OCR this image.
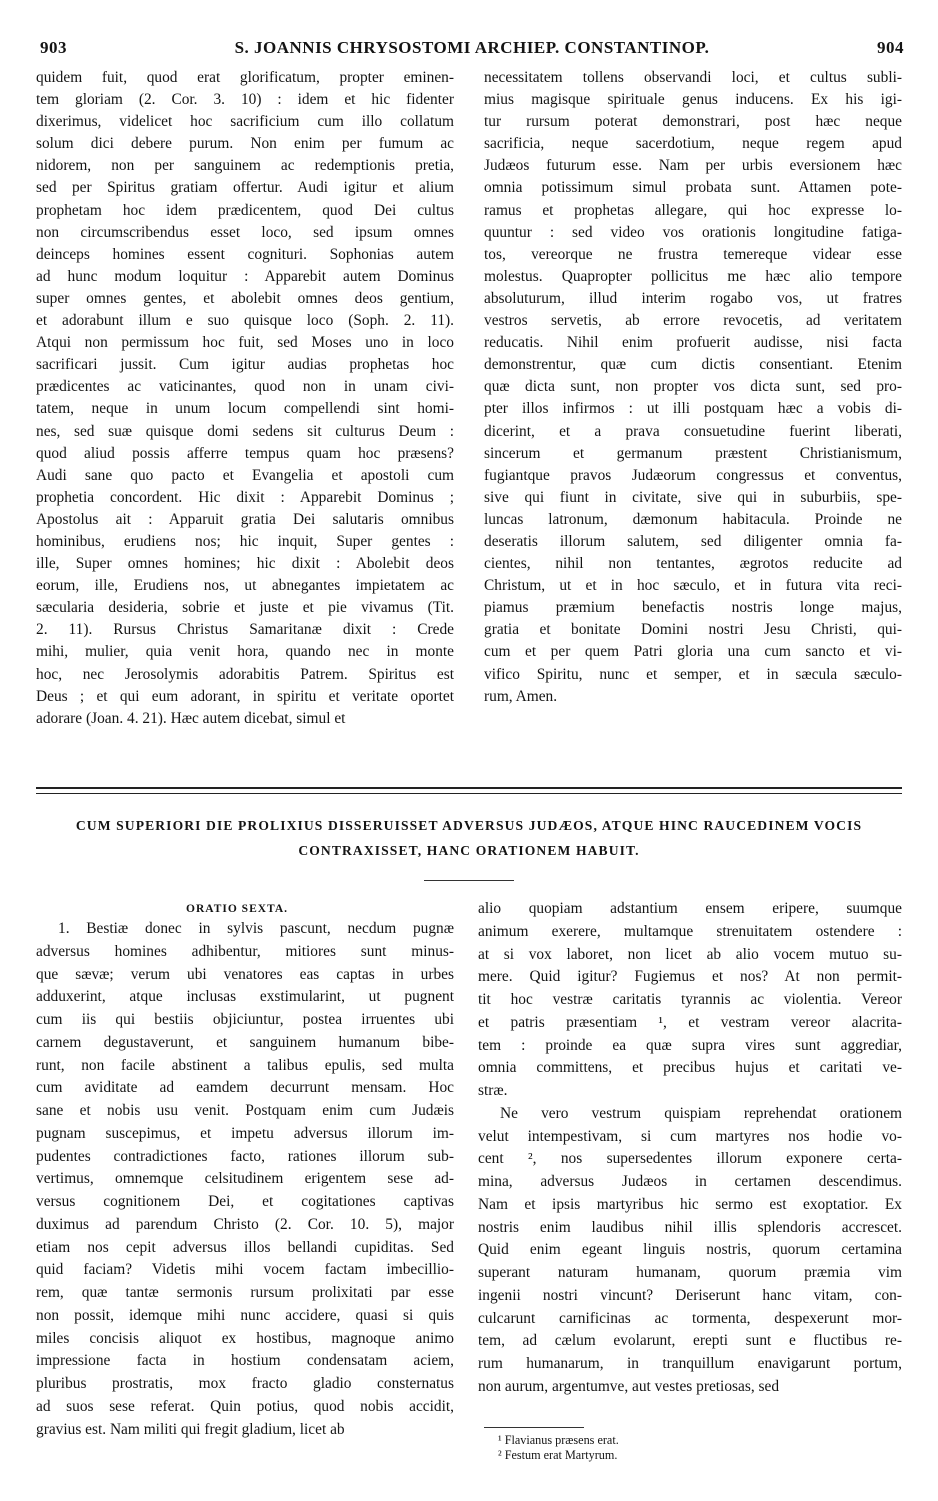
903	S. JOANNIS CHRYSOSTOMI ARCHIEP. CONSTANTINOP.	904
quidem fuit, quod erat glorificatum, propter eminen-
tem gloriam (2. Cor. 3. 10) : idem et hic fidenter
dixerimus, videlicet hoc sacrificium cum illo collatum
solum dici debere purum. Non enim per fumum ac
nidorem, non per sanguinem ac redemptionis pretia,
sed per Spiritus gratiam offertur. Audi igitur et alium
prophetam hoc idem prædicentem, quod Dei cultus
non circumscribendus esset loco, sed ipsum omnes
deinceps homines essent cognituri. Sophonias autem
ad hunc modum loquitur : Apparebit autem Dominus
super omnes gentes, et abolebit omnes deos gentium,
et adorabunt illum e suo quisque loco (Soph. 2. 11).
Atqui non permissum hoc fuit, sed Moses uno in loco
sacrificari jussit. Cum igitur audias prophetas hoc
prædicentes ac vaticinantes, quod non in unam civi-
tatem, neque in unum locum compellendi sint homi-
nes, sed suæ quisque domi sedens sit culturus Deum :
quod aliud possis afferre tempus quam hoc præsens?
Audi sane quo pacto et Evangelia et apostoli cum
prophetia concordent. Hic dixit : Apparebit Dominus ;
Apostolus ait : Apparuit gratia Dei salutaris omnibus
hominibus, erudiens nos; hic inquit, Super gentes :
ille, Super omnes homines; hic dixit : Abolebit deos
eorum, ille, Erudiens nos, ut abnegantes impietatem ac
sæcularia desideria, sobrie et juste et pie vivamus (Tit.
2. 11). Rursus Christus Samaritanæ dixit : Crede
mihi, mulier, quia venit hora, quando nec in monte
hoc, nec Jerosolymis adorabitis Patrem. Spiritus est
Deus ; et qui eum adorant, in spiritu et veritate oportet
adorare (Joan. 4. 21). Hæc autem dicebat, simul et
necessitatem tollens observandi loci, et cultus subli-
mius magisque spirituale genus inducens. Ex his igi-
tur rursum poterat demonstrari, post hæc neque
sacrificia, neque sacerdotium, neque regem apud
Judæos futurum esse. Nam per urbis eversionem hæc
omnia potissimum simul probata sunt. Attamen pote-
ramus et prophetas allegare, qui hoc expresse lo-
quuntur : sed video vos orationis longitudine fatiga-
tos, vereorque ne frustra temereque videar esse
molestus. Quapropter pollicitus me hæc alio tempore
absoluturum, illud interim rogabo vos, ut fratres
vestros servetis, ab errore revocetis, ad veritatem
reducatis. Nihil enim profuerit audisse, nisi facta
demonstrentur, quæ cum dictis consentiant. Etenim
quæ dicta sunt, non propter vos dicta sunt, sed pro-
pter illos infirmos : ut illi postquam hæc a vobis di-
dicerint, et a prava consuetudine fuerint liberati,
sincerum et germanum præstent Christianismum,
fugiantque pravos Judæorum congressus et conventus,
sive qui fiunt in civitate, sive qui in suburbiis, spe-
luncas latronum, dæmonum habitacula. Proinde ne
deseratis illorum salutem, sed diligenter omnia fa-
cientes, nihil non tentantes, ægrotos reducite ad
Christum, ut et in hoc sæculo, et in futura vita reci-
piamus præmium benefactis nostris longe majus,
gratia et bonitate Domini nostri Jesu Christi, qui-
cum et per quem Patri gloria una cum sancto et vi-
vifico Spiritu, nunc et semper, et in sæcula sæculo-
rum, Amen.
CUM SUPERIORI DIE PROLIXIUS DISSERUISSET ADVERSUS JUDÆOS, ATQUE HINC RAUCEDINEM VOCIS
CONTRAXISSET, HANC ORATIONEM HABUIT.
ORATIO SEXTA.
1. Bestiæ donec in sylvis pascunt, necdum pugnæ
adversus homines adhibentur, mitiores sunt minus-
que sævæ; verum ubi venatores eas captas in urbes
adduxerint, atque inclusas exstimularint, ut pugnent
cum iis qui bestiis objiciuntur, postea irruentes ubi
carnem degustaverunt, et sanguinem humanum bibe-
runt, non facile abstinent a talibus epulis, sed multa
cum aviditate ad eamdem decurrunt mensam. Hoc
sane et nobis usu venit. Postquam enim cum Judæis
pugnam suscepimus, et impetu adversus illorum im-
pudentes contradictiones facto, rationes illorum sub-
vertimus, omnemque celsitudinem erigentem sese ad-
versus cognitionem Dei, et cogitationes captivas
duximus ad parendum Christo (2. Cor. 10. 5), major
etiam nos cepit adversus illos bellandi cupiditas. Sed
quid faciam? Videtis mihi vocem factam imbecillio-
rem, quæ tantæ sermonis rursum prolixitati par esse
non possit, idemque mihi nunc accidere, quasi si quis
miles concisis aliquot ex hostibus, magnoque animo
impressione facta in hostium condensatam aciem,
pluribus prostratis, mox fracto gladio consternatus
ad suos sese referat. Quin potius, quod nobis accidit,
gravius est. Nam militi qui fregit gladium, licet ab
alio quopiam adstantium ensem eripere, suumque
animum exerere, multamque strenuitatem ostendere :
at si vox laboret, non licet ab alio vocem mutuo su-
mere. Quid igitur? Fugiemus et nos? At non permit-
tit hoc vestræ caritatis tyrannis ac violentia. Vereor
et patris præsentiam ¹, et vestram vereor alacrita-
tem : proinde ea quæ supra vires sunt aggrediar,
omnia committens, et precibus hujus et caritati ve-
stræ.
Ne vero vestrum quispiam reprehendat orationem
velut intempestivam, si cum martyres nos hodie vo-
cent ², nos supersedentes illorum exponere certa-
mina, adversus Judæos in certamen descendimus.
Nam et ipsis martyribus hic sermo est exoptatior. Ex
nostris enim laudibus nihil illis splendoris accrescet.
Quid enim egeant linguis nostris, quorum certamina
superant naturam humanam, quorum præmia vim
ingenii nostri vincunt? Deriserunt hanc vitam, con-
culcarunt carnificinas ac tormenta, despexerunt mor-
tem, ad cælum evolarunt, erepti sunt e fluctibus re-
rum humanarum, in tranquillum enavigarunt portum,
non aurum, argentumve, aut vestes pretiosas, sed
¹ Flavianus præsens erat.
² Festum erat Martyrum.
